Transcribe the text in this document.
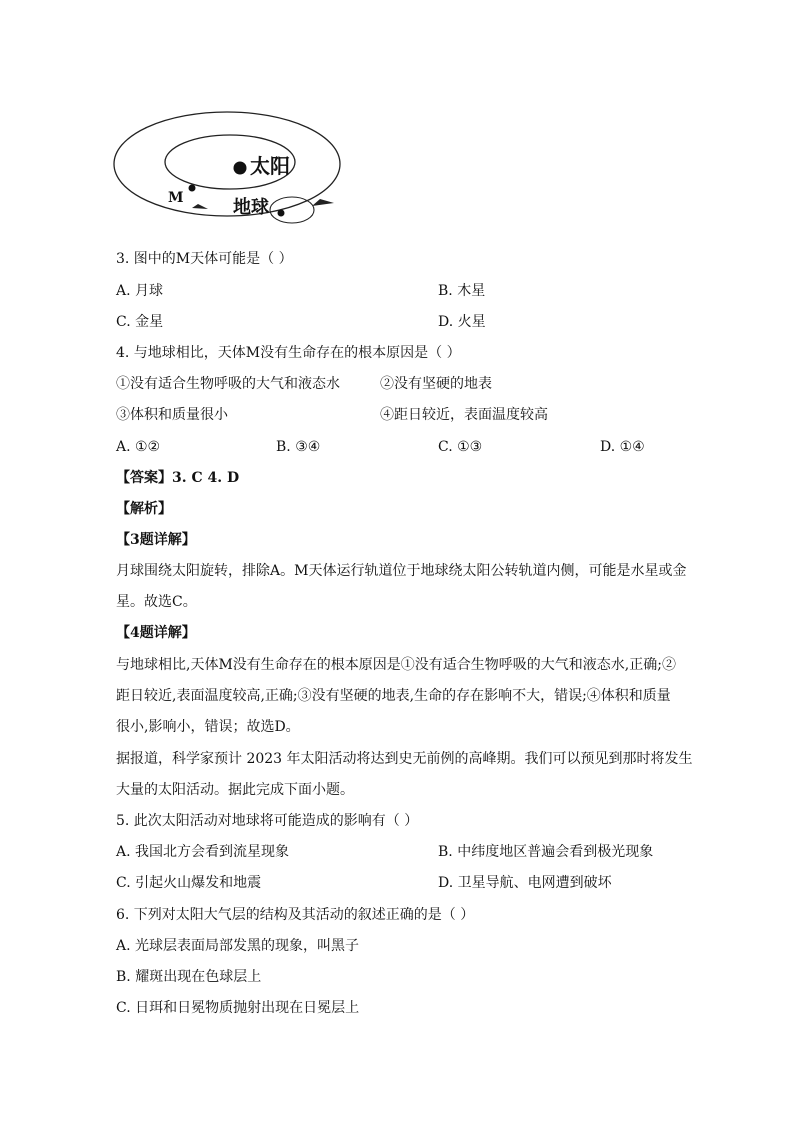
太阳
M	地球
3. 图中的M天体可能是（ ）
A. 月球	B. 木星
C. 金星	D. 火星
4. 与地球相比，天体M没有生命存在的根本原因是（ ）
①没有适合生物呼吸的大气和液态水	②没有坚硬的地表
③体积和质量很小	④距日较近，表面温度较高
A. ①②	B. ③④	C. ①③	D. ①④
【答案】3. C 4. D
【解析】
【3题详解】
月球围绕太阳旋转，排除A。M天体运行轨道位于地球绕太阳公转轨道内侧，可能是水星或金
星。故选C。
【4题详解】
与地球相比,天体M没有生命存在的根本原因是①没有适合生物呼吸的大气和液态水,正确;②
距日较近,表面温度较高,正确;③没有坚硬的地表,生命的存在影响不大，错误;④体积和质量
很小,影响小，错误；故选D。
据报道，科学家预计 2023 年太阳活动将达到史无前例的高峰期。我们可以预见到那时将发生
大量的太阳活动。据此完成下面小题。
5. 此次太阳活动对地球将可能造成的影响有（ ）
A. 我国北方会看到流星现象	B. 中纬度地区普遍会看到极光现象
C. 引起火山爆发和地震	D. 卫星导航、电网遭到破坏
6. 下列对太阳大气层的结构及其活动的叙述正确的是（ ）
A. 光球层表面局部发黑的现象，叫黑子
B. 耀斑出现在色球层上
C. 日珥和日冕物质抛射出现在日冕层上
